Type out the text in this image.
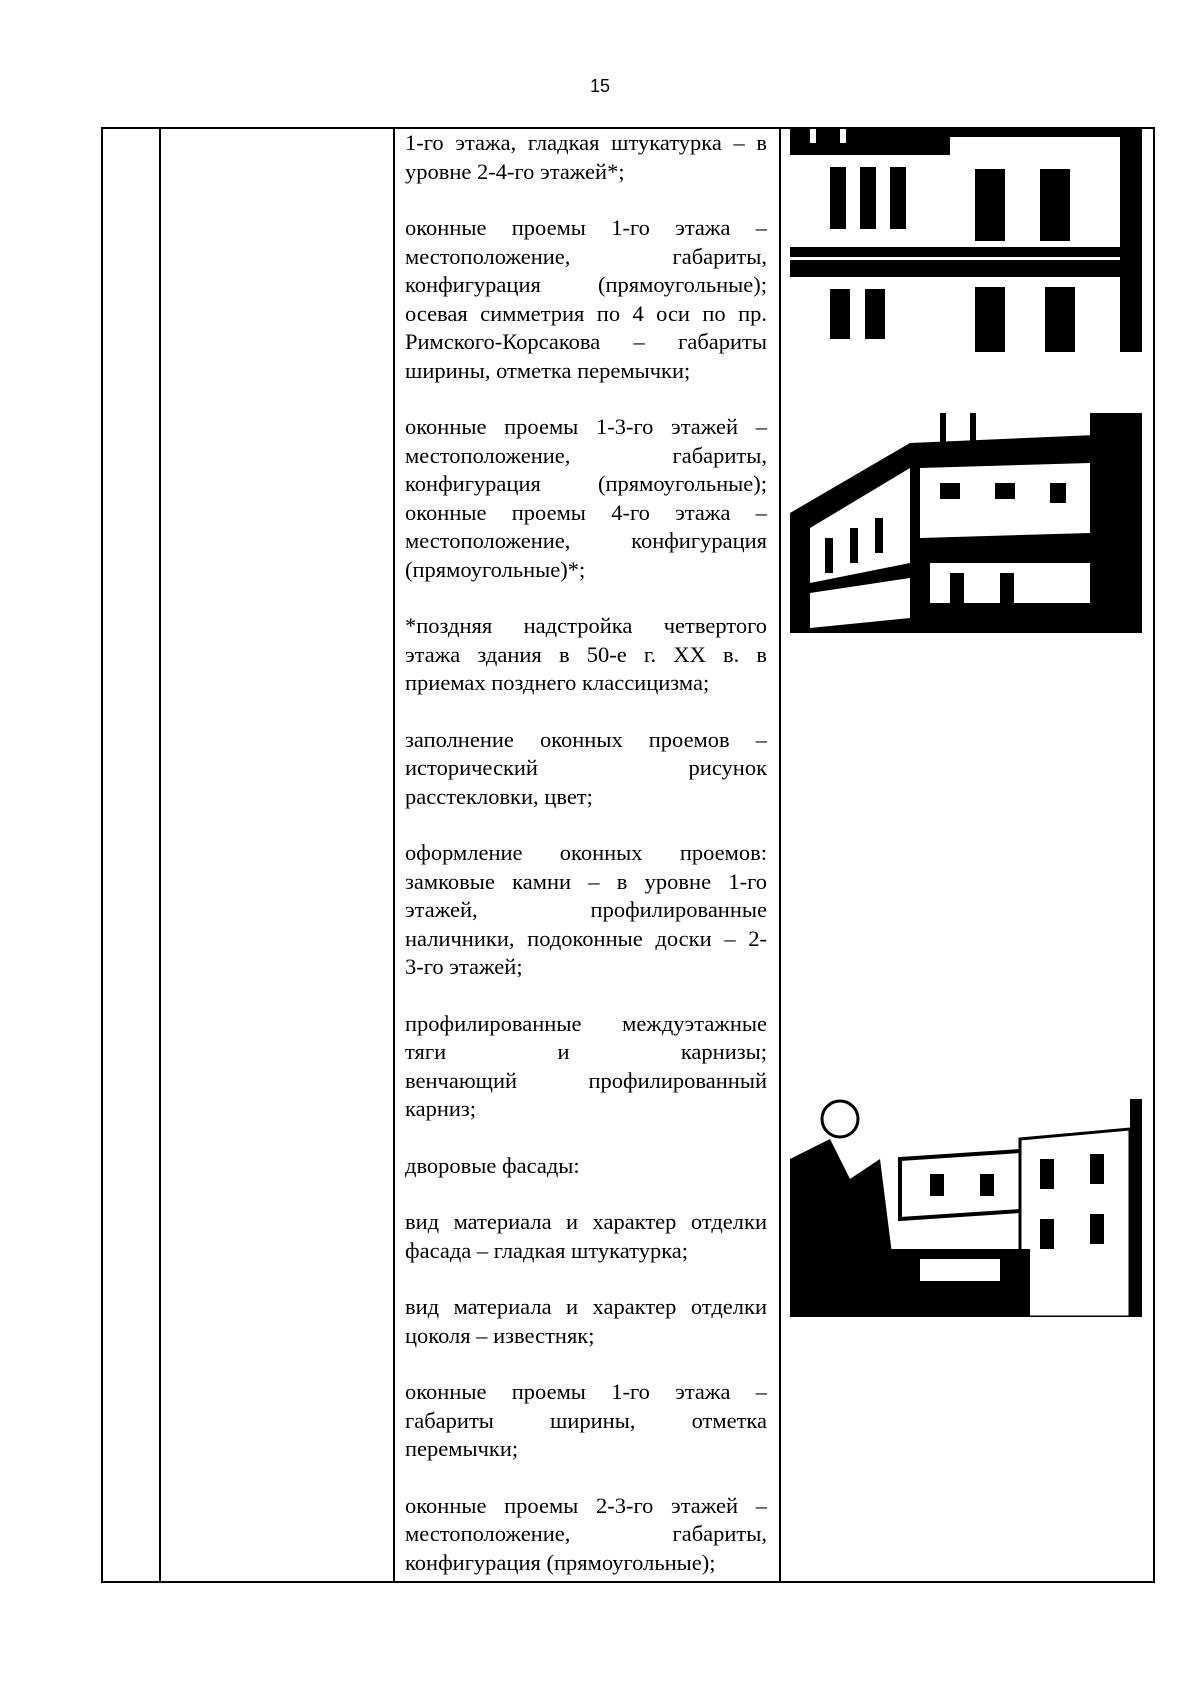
15
1-го этажа, гладкая штукатурка – в
уровне 2-4-го этажей*;
оконные проемы 1-го этажа –
местоположение, габариты,
конфигурация (прямоугольные);
осевая симметрия по 4 оси по пр.
Римского-Корсакова – габариты
ширины, отметка перемычки;
оконные проемы 1-3-го этажей –
местоположение, габариты,
конфигурация (прямоугольные);
оконные проемы 4-го этажа –
местоположение, конфигурация
(прямоугольные)*;
*поздняя надстройка четвертого
этажа здания в 50-е г. XX в. в
приемах позднего классицизма;
заполнение оконных проемов –
исторический рисунок
расстекловки, цвет;
оформление оконных проемов:
замковые камни – в уровне 1-го
этажей, профилированные
наличники, подоконные доски – 2-
3-го этажей;
профилированные междуэтажные
тяги и карнизы;
венчающий профилированный
карниз;
дворовые фасады:
вид материала и характер отделки
фасада – гладкая штукатурка;
вид материала и характер отделки
цоколя – известняк;
оконные проемы 1-го этажа –
габариты ширины, отметка
перемычки;
оконные проемы 2-3-го этажей –
местоположение, габариты,
конфигурация (прямоугольные);
